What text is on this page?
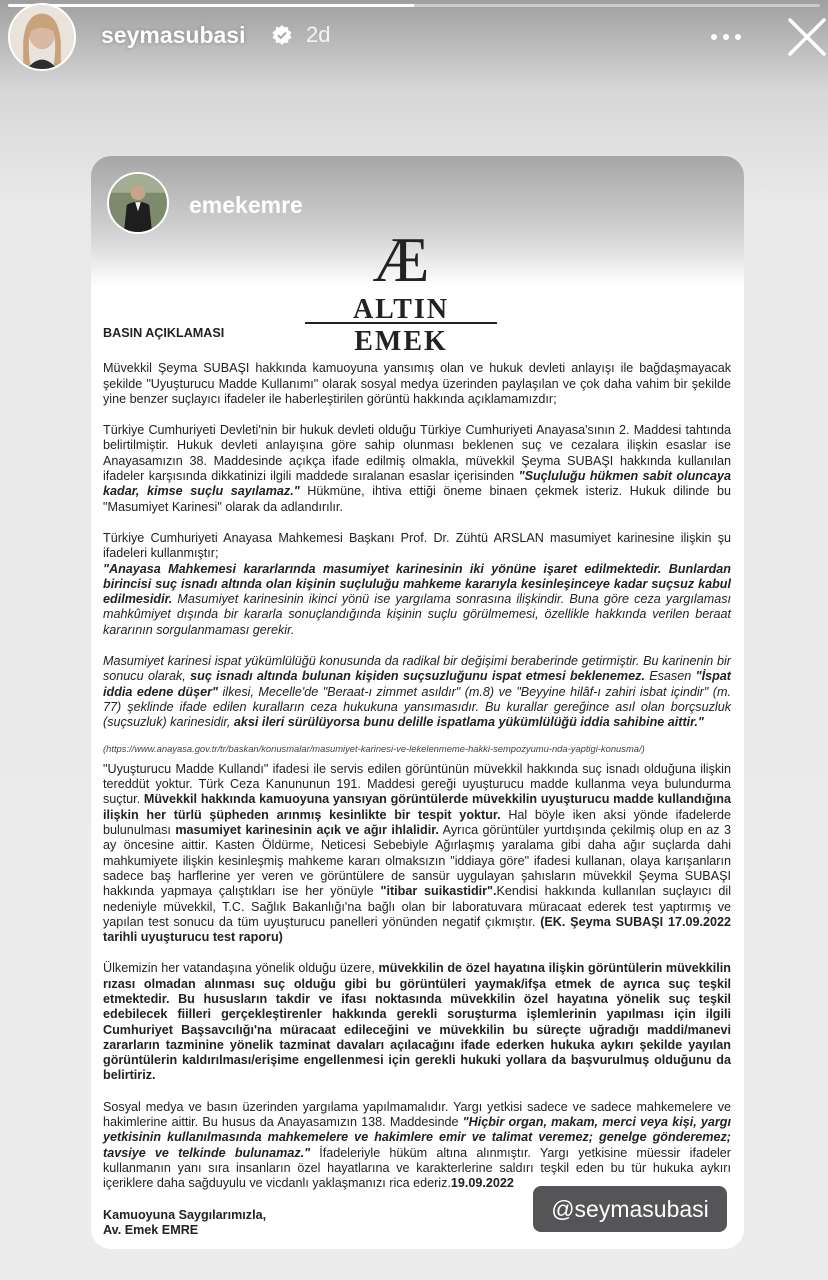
seymasubasi	2d
emekemre
Æ
ALTIN EMEK
BASIN AÇIKLAMASI

Müvekkil Şeyma SUBAŞI hakkında kamuoyuna yansımış olan ve hukuk devleti anlayışı ile bağdaşmayacak şekilde "Uyuşturucu Madde Kullanımı" olarak sosyal medya üzerinden paylaşılan ve çok daha vahim bir şekilde yine benzer suçlayıcı ifadeler ile haberleştirilen görüntü hakkında açıklamamızdır;

Türkiye Cumhuriyeti Devleti'nin bir hukuk devleti olduğu Türkiye Cumhuriyeti Anayasa'sının 2. Maddesi tahtında belirtilmiştir. Hukuk devleti anlayışına göre sahip olunması beklenen suç ve cezalara ilişkin esaslar ise Anayasamızın 38. Maddesinde açıkça ifade edilmiş olmakla, müvekkil Şeyma SUBAŞI hakkında kullanılan ifadeler karşısında dikkatinizi ilgili maddede sıralanan esaslar içerisinden "Suçluluğu hükmen sabit oluncaya kadar, kimse suçlu sayılamaz." Hükmüne, ihtiva ettiği öneme binaen çekmek isteriz. Hukuk dilinde bu "Masumiyet Karinesi" olarak da adlandırılır.

Türkiye Cumhuriyeti Anayasa Mahkemesi Başkanı Prof. Dr. Zühtü ARSLAN masumiyet karinesine ilişkin şu ifadeleri kullanmıştır;
"Anayasa Mahkemesi kararlarında masumiyet karinesinin iki yönüne işaret edilmektedir. Bunlardan birincisi suç isnadı altında olan kişinin suçluluğu mahkeme kararıyla kesinleşinceye kadar suçsuz kabul edilmesidir. Masumiyet karinesinin ikinci yönü ise yargılama sonrasına ilişkindir. Buna göre ceza yargılaması mahkûmiyet dışında bir kararla sonuçlandığında kişinin suçlu görülmemesi, özellikle hakkında verilen beraat kararının sorgulanmaması gerekir.

Masumiyet karinesi ispat yükümlülüğü konusunda da radikal bir değişimi beraberinde getirmiştir. Bu karinenin bir sonucu olarak, suç isnadı altında bulunan kişiden suçsuzluğunu ispat etmesi beklenemez. Esasen "İspat iddia edene düşer" ilkesi, Mecelle'de "Beraat-ı zimmet asıldır" (m.8) ve "Beyyine hilâf-ı zahiri isbat içindir" (m. 77) şeklinde ifade edilen kuralların ceza hukukuna yansımasıdır. Bu kurallar gereğince asıl olan borçsuzluk (suçsuzluk) karinesidir, aksi ileri sürülüyorsa bunu delille ispatlama yükümlülüğü iddia sahibine aittir."

(https://www.anayasa.gov.tr/tr/baskan/konusmalar/masumiyet-karinesi-ve-lekelenmeme-hakki-sempozyumu-nda-yaptigi-konusma/)

"Uyuşturucu Madde Kullandı" ifadesi ile servis edilen görüntünün müvekkil hakkında suç isnadı olduğuna ilişkin tereddüt yoktur. Türk Ceza Kanununun 191. Maddesi gereği uyuşturucu madde kullanma veya bulundurma suçtur. Müvekkil hakkında kamuoyuna yansıyan görüntülerde müvekkilin uyuşturucu madde kullandığına ilişkin her türlü şüpheden arınmış kesinlikte bir tespit yoktur. Hal böyle iken aksi yönde ifadelerde bulunulması masumiyet karinesinin açık ve ağır ihlalidir. Ayrıca görüntüler yurtdışında çekilmiş olup en az 3 ay öncesine aittir. Kasten Öldürme, Neticesi Sebebiyle Ağırlaşmış yaralama gibi daha ağır suçlarda dahi mahkumiyete ilişkin kesinleşmiş mahkeme kararı olmaksızın "iddiaya göre" ifadesi kullanan, olaya karışanların sadece baş harflerine yer veren ve görüntülere de sansür uygulayan şahısların müvekkil Şeyma SUBAŞI hakkında yapmaya çalıştıkları ise her yönüyle "itibar suikastidir".Kendisi hakkında kullanılan suçlayıcı dil nedeniyle müvekkil, T.C. Sağlık Bakanlığı'na bağlı olan bir laboratuvara müracaat ederek test yaptırmış ve yapılan test sonucu da tüm uyuşturucu panelleri yönünden negatif çıkmıştır. (EK. Şeyma SUBAŞI 17.09.2022 tarihli uyuşturucu test raporu)

Ülkemizin her vatandaşına yönelik olduğu üzere, müvekkilin de özel hayatına ilişkin görüntülerin müvekkilin rızası olmadan alınması suç olduğu gibi bu görüntüleri yaymak/ifşa etmek de ayrıca suç teşkil etmektedir. Bu hususların takdir ve ifası noktasında müvekkilin özel hayatına yönelik suç teşkil edebilecek fiilleri gerçekleştirenler hakkında gerekli soruşturma işlemlerinin yapılması için ilgili Cumhuriyet Başsavcılığı'na müracaat edileceğini ve müvekkilin bu süreçte uğradığı maddi/manevi zararların tazminine yönelik tazminat davaları açılacağını ifade ederken hukuka aykırı şekilde yayılan görüntülerin kaldırılması/erişime engellenmesi için gerekli hukuki yollara da başvurulmuş olduğunu da belirtiriz.

Sosyal medya ve basın üzerinden yargılama yapılmamalıdır. Yargı yetkisi sadece ve sadece mahkemelere ve hakimlerine aittir. Bu husus da Anayasamızın 138. Maddesinde "Hiçbir organ, makam, merci veya kişi, yargı yetkisinin kullanılmasında mahkemelere ve hakimlere emir ve talimat veremez; genelge gönderemez; tavsiye ve telkinde bulunamaz." İfadeleriyle hüküm altına alınmıştır. Yargı yetkisine müessir ifadeler kullanmanın yanı sıra insanların özel hayatlarına ve karakterlerine saldırı teşkil eden bu tür hukuka aykırı içeriklere daha sağduyulu ve vicdanlı yaklaşmanızı rica ederiz.19.09.2022

Kamuoyuna Saygılarımızla,
Av. Emek EMRE
@seymasubasi
